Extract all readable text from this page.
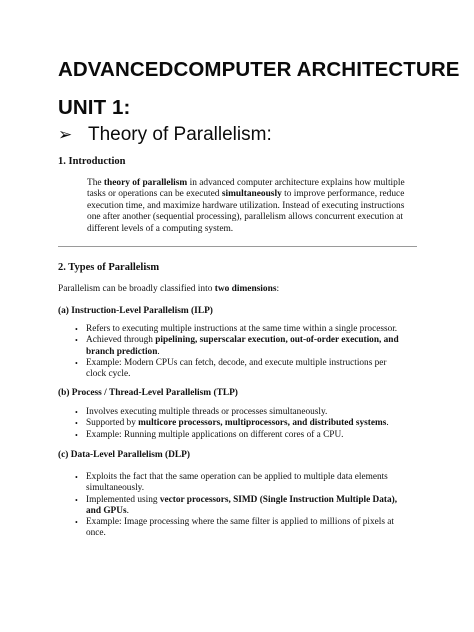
ADVANCEDCOMPUTER ARCHITECTURE
UNIT 1:
➢ Theory of Parallelism:
1. Introduction
The theory of parallelism in advanced computer architecture explains how multiple
tasks or operations can be executed simultaneously to improve performance, reduce
execution time, and maximize hardware utilization. Instead of executing instructions
one after another (sequential processing), parallelism allows concurrent execution at
different levels of a computing system.
2. Types of Parallelism
Parallelism can be broadly classified into two dimensions:
(a) Instruction-Level Parallelism (ILP)
• Refers to executing multiple instructions at the same time within a single processor.
• Achieved through pipelining, superscalar execution, out-of-order execution, and
branch prediction.
• Example: Modern CPUs can fetch, decode, and execute multiple instructions per
clock cycle.
(b) Process / Thread-Level Parallelism (TLP)
• Involves executing multiple threads or processes simultaneously.
• Supported by multicore processors, multiprocessors, and distributed systems.
• Example: Running multiple applications on different cores of a CPU.
(c) Data-Level Parallelism (DLP)
• Exploits the fact that the same operation can be applied to multiple data elements
simultaneously.
• Implemented using vector processors, SIMD (Single Instruction Multiple Data),
and GPUs.
• Example: Image processing where the same filter is applied to millions of pixels at
once.
